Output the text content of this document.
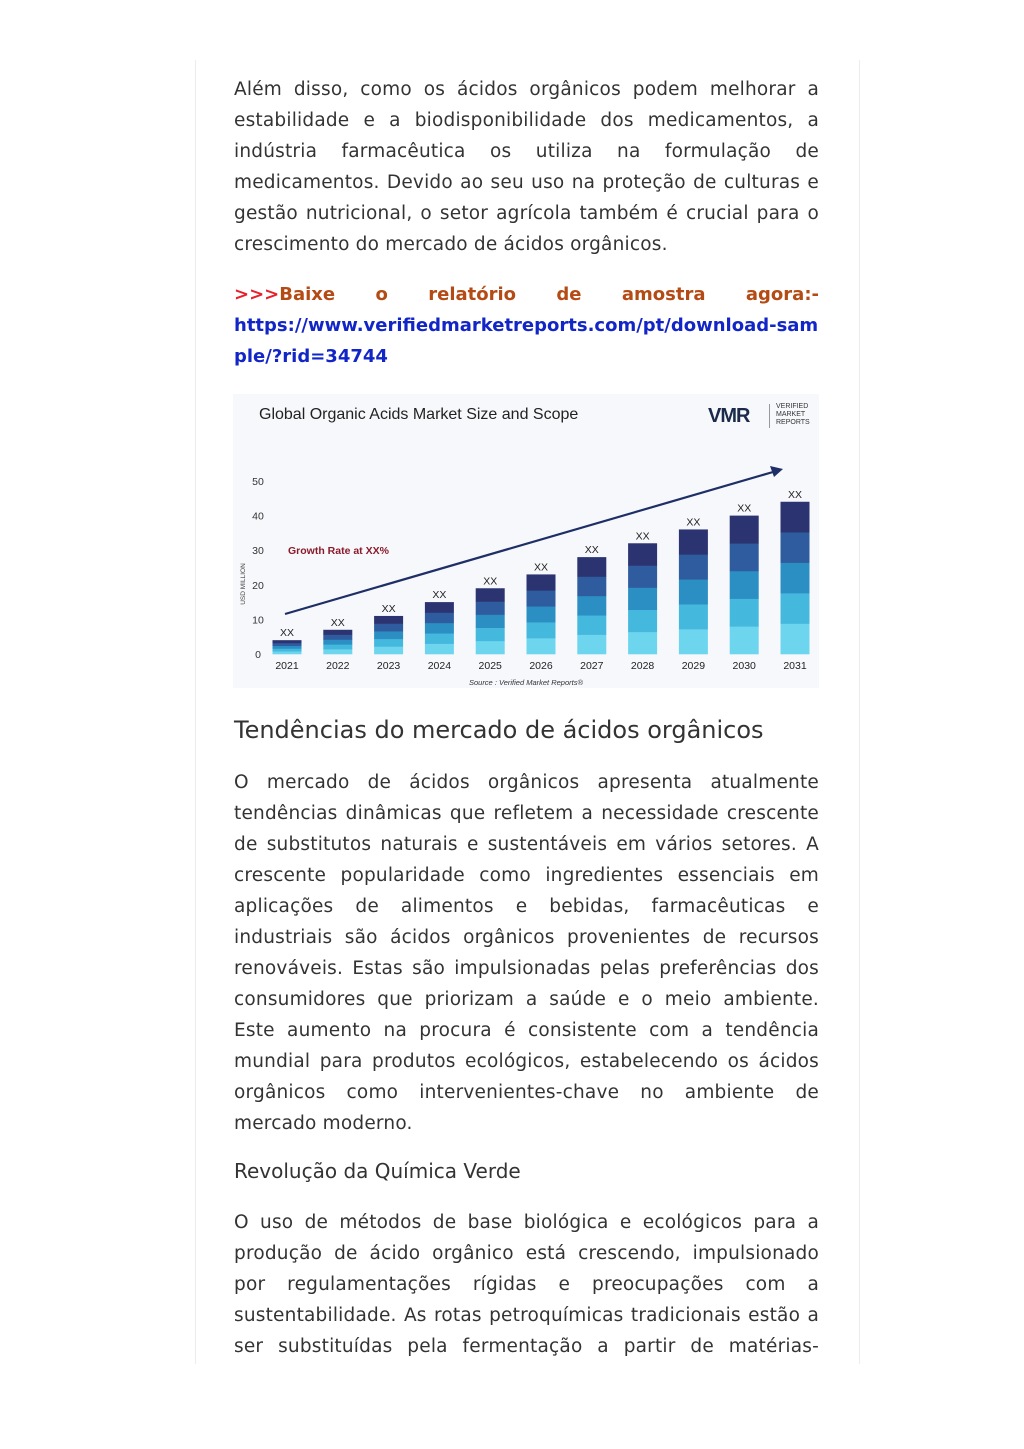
Além disso, como os ácidos orgânicos podem melhorar a estabilidade e a biodisponibilidade dos medicamentos, a indústria farmacêutica os utiliza na formulação de medicamentos. Devido ao seu uso na proteção de culturas e gestão nutricional, o setor agrícola também é crucial para o crescimento do mercado de ácidos orgânicos.

>>>Baixe o relatório de amostra agora:-

https://www.verifiedmarketreports.com/pt/download-sample/?rid=34744

Global Organic Acids Market Size and Scope	VMR	VERIFIED
MARKET
REPORTS
USD MILLION
0
10
20
30
40
50
XX
2021
XX
2022
XX
2023
XX
2024
XX
2025
XX
2026
XX
2027
XX
2028
XX
2029
XX
2030
XX
2031
Growth Rate at XX%
Source : Verified Market Reports®
Tendências do mercado de ácidos orgânicos

O mercado de ácidos orgânicos apresenta atualmente tendências dinâmicas que refletem a necessidade crescente de substitutos naturais e sustentáveis em vários setores. A crescente popularidade como ingredientes essenciais em aplicações de alimentos e bebidas, farmacêuticas e industriais são ácidos orgânicos provenientes de recursos renováveis. Estas são impulsionadas pelas preferências dos consumidores que priorizam a saúde e o meio ambiente. Este aumento na procura é consistente com a tendência mundial para produtos ecológicos, estabelecendo os ácidos orgânicos como intervenientes-chave no ambiente de mercado moderno.

Revolução da Química Verde

O uso de métodos de base biológica e ecológicos para a produção de ácido orgânico está crescendo, impulsionado por regulamentações rígidas e preocupações com a sustentabilidade. As rotas petroquímicas tradicionais estão a ser substituídas pela fermentação a partir de matérias-
